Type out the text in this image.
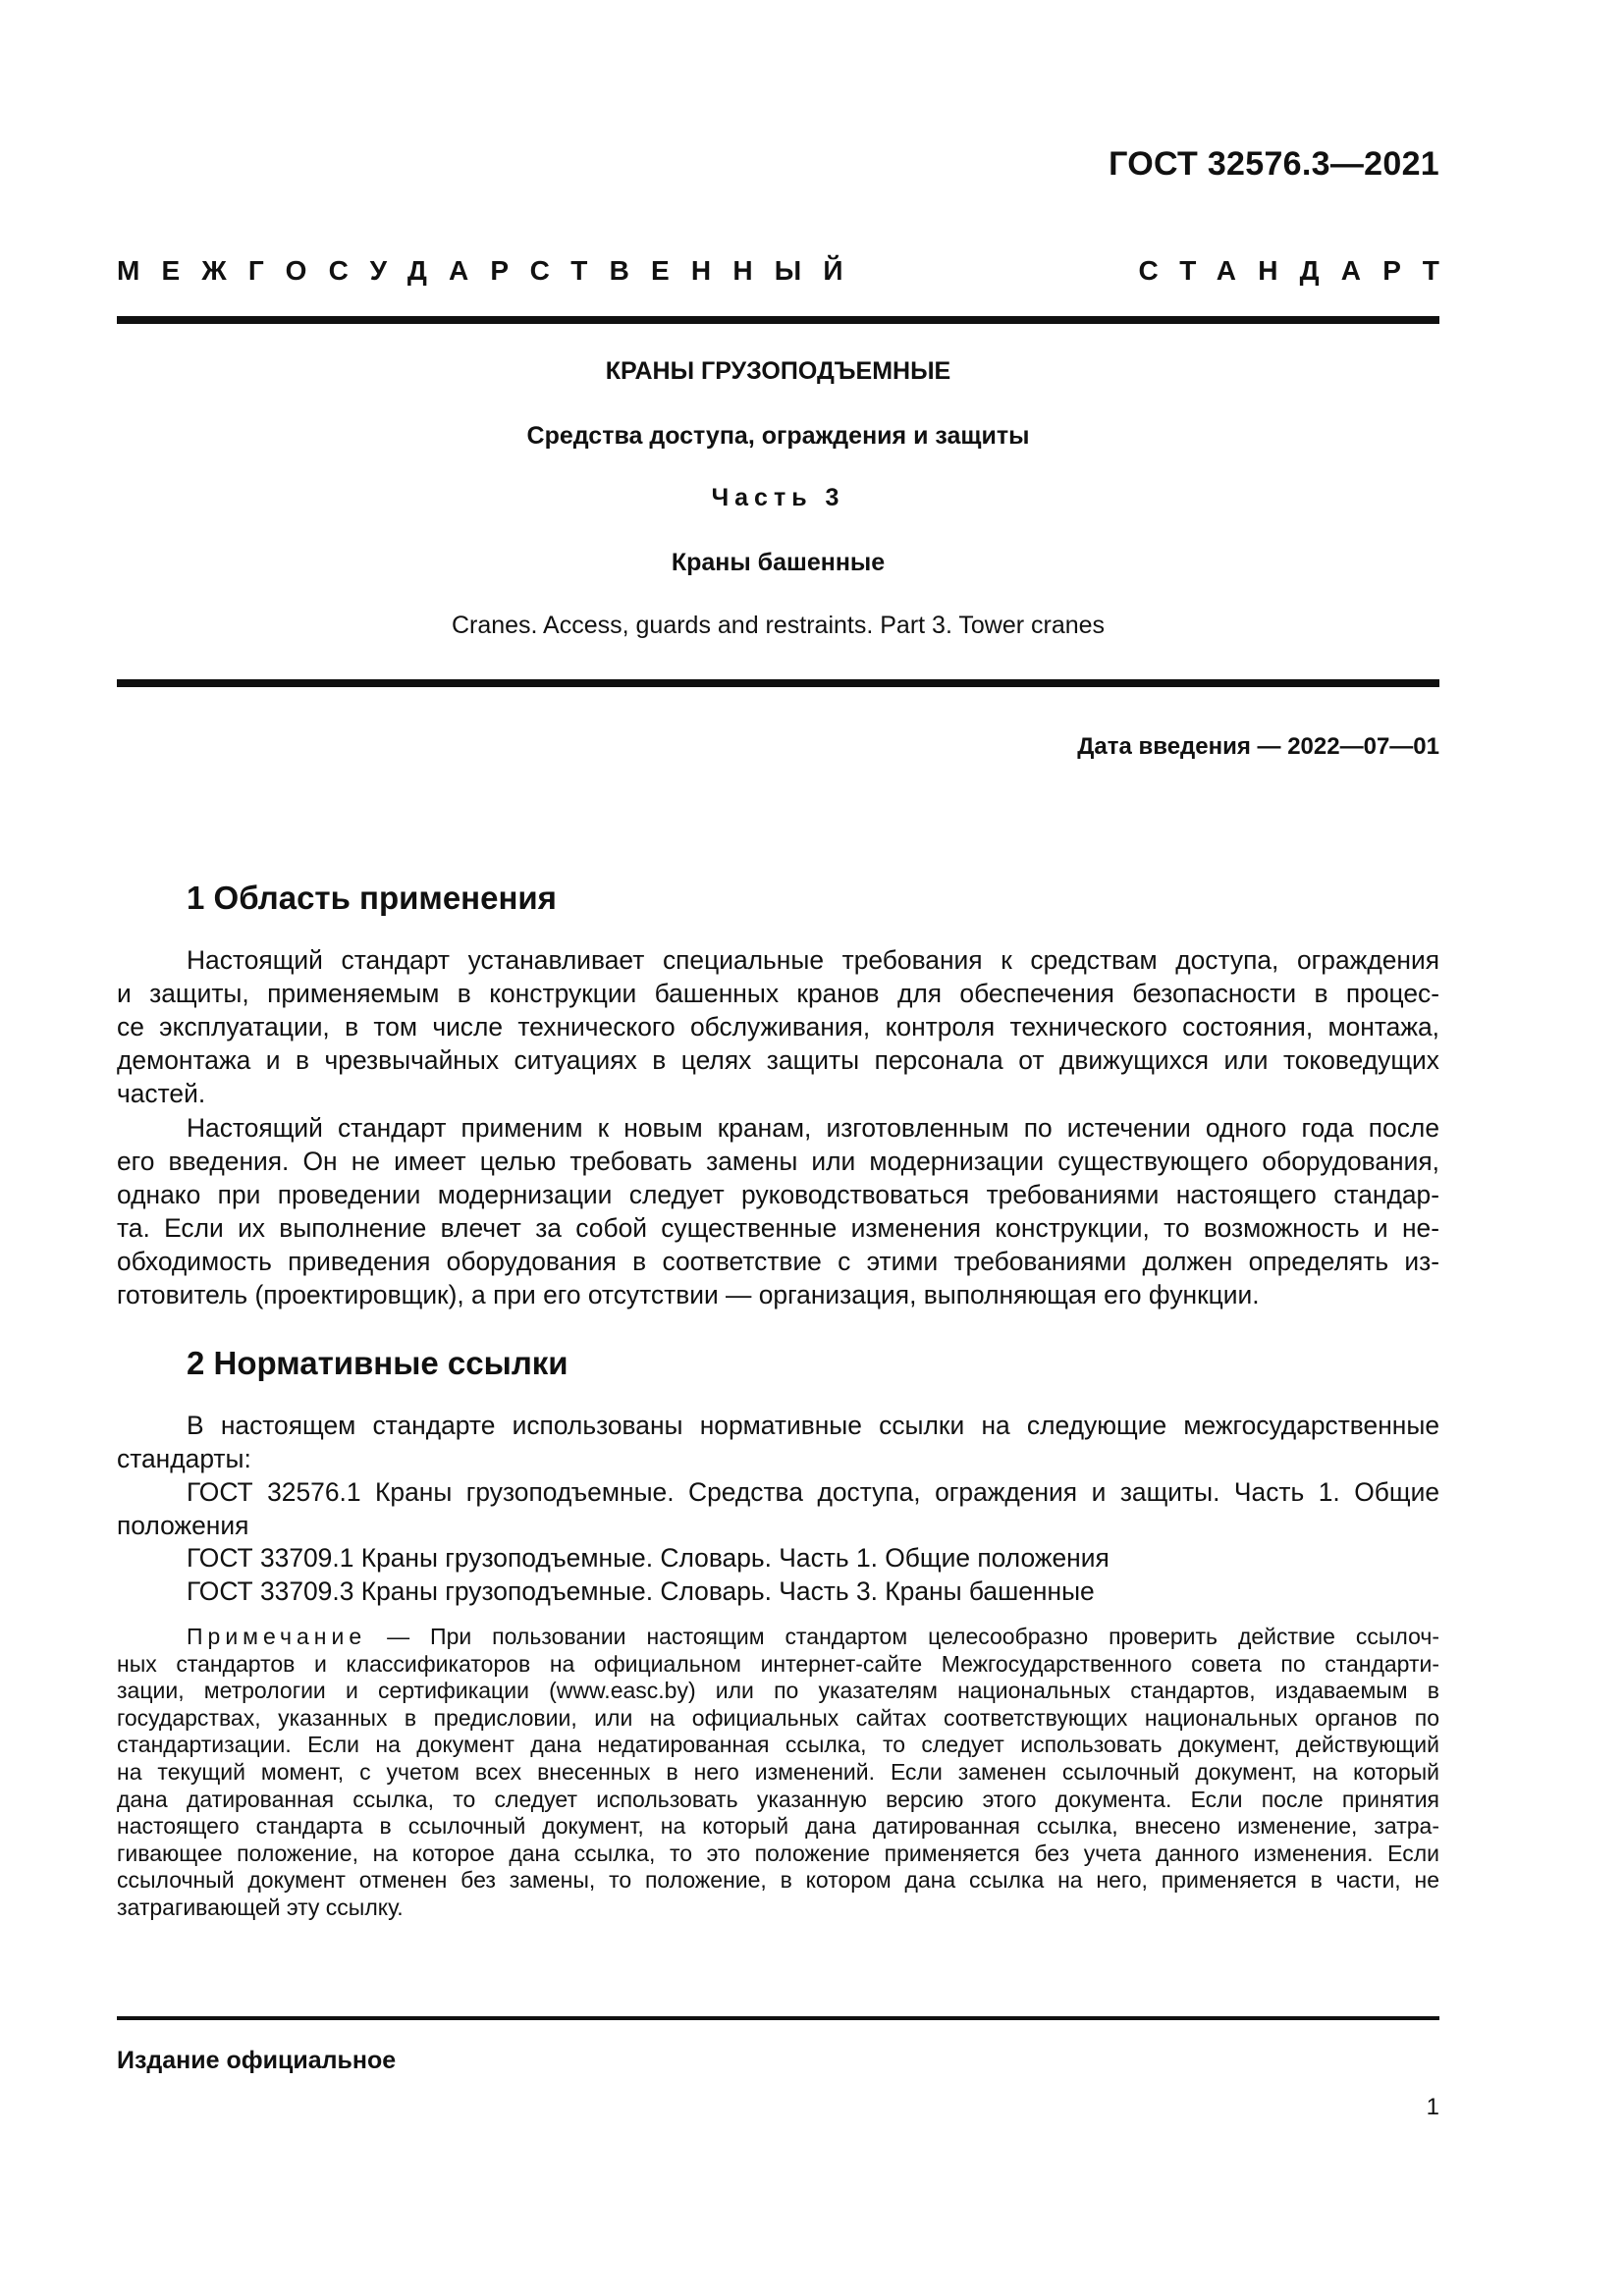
ГОСТ 32576.3—2021
МЕЖГОСУДАРСТВЕННЫЙ	СТАНДАРТ
КРАНЫ ГРУЗОПОДЪЕМНЫЕ
Средства доступа, ограждения и защиты
Часть 3
Краны башенные
Cranes. Access, guards and restraints. Part 3. Tower cranes
Дата введения — 2022—07—01
1 Область применения
Настоящий стандарт устанавливает специальные требования к средствам доступа, ограждения
и защиты, применяемым в конструкции башенных кранов для обеспечения безопасности в процес-
се эксплуатации, в том числе технического обслуживания, контроля технического состояния, монтажа,
демонтажа и в чрезвычайных ситуациях в целях защиты персонала от движущихся или токоведущих
частей.
Настоящий стандарт применим к новым кранам, изготовленным по истечении одного года после
его введения. Он не имеет целью требовать замены или модернизации существующего оборудования,
однако при проведении модернизации следует руководствоваться требованиями настоящего стандар-
та. Если их выполнение влечет за собой существенные изменения конструкции, то возможность и не-
обходимость приведения оборудования в соответствие с этими требованиями должен определять из-
готовитель (проектировщик), а при его отсутствии — организация, выполняющая его функции.
2 Нормативные ссылки
В настоящем стандарте использованы нормативные ссылки на следующие межгосударственные
стандарты:
ГОСТ 32576.1 Краны грузоподъемные. Средства доступа, ограждения и защиты. Часть 1. Общие
положения
ГОСТ 33709.1 Краны грузоподъемные. Словарь. Часть 1. Общие положения
ГОСТ 33709.3 Краны грузоподъемные. Словарь. Часть 3. Краны башенные
Примечание — При пользовании настоящим стандартом целесообразно проверить действие ссылоч-
ных стандартов и классификаторов на официальном интернет-сайте Межгосударственного совета по стандарти-
зации, метрологии и сертификации (www.easc.by) или по указателям национальных стандартов, издаваемым в
государствах, указанных в предисловии, или на официальных сайтах соответствующих национальных органов по
стандартизации. Если на документ дана недатированная ссылка, то следует использовать документ, действующий
на текущий момент, с учетом всех внесенных в него изменений. Если заменен ссылочный документ, на который
дана датированная ссылка, то следует использовать указанную версию этого документа. Если после принятия
настоящего стандарта в ссылочный документ, на который дана датированная ссылка, внесено изменение, затра-
гивающее положение, на которое дана ссылка, то это положение применяется без учета данного изменения. Если
ссылочный документ отменен без замены, то положение, в котором дана ссылка на него, применяется в части, не
затрагивающей эту ссылку.
Издание официальное
1
